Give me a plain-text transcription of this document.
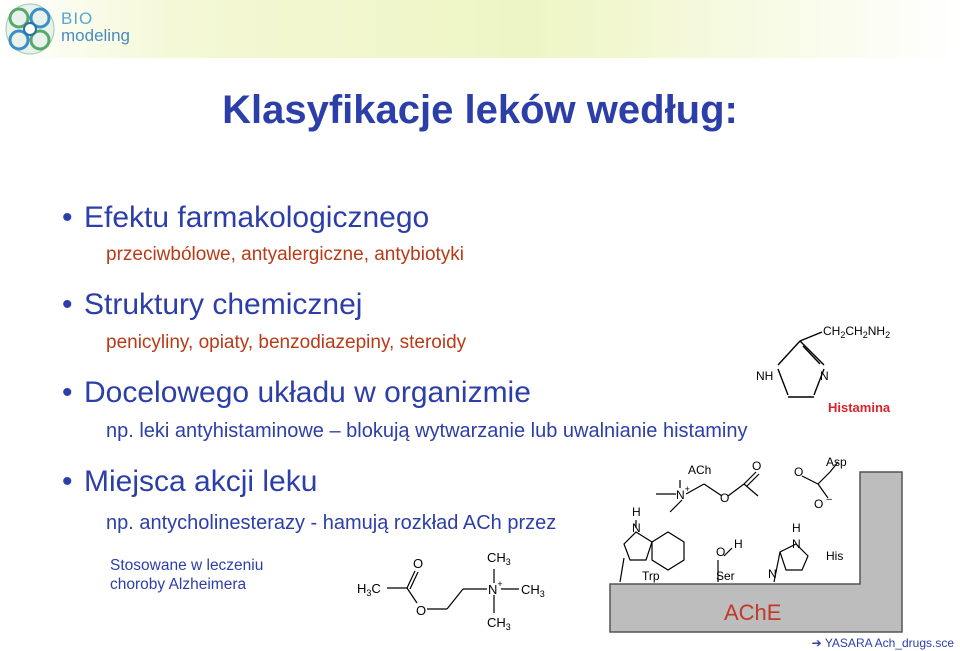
BIO
modeling
Klasyfikacje leków według:
• Efektu farmakologicznego
przeciwbólowe, antyalergiczne, antybiotyki
• Struktury chemicznej
penicyliny, opiaty, benzodiazepiny, steroidy
• Docelowego układu w organizmie
np. leki antyhistaminowe – blokują wytwarzanie lub uwalnianie histaminy
• Miejsca akcji leku
np. antycholinesterazy - hamują rozkład ACh przez
Stosowane w leczeniu
choroby Alzheimera
NH	N
$CH_2CH_2NH_2$
Histamina
$H_3C$
O
O
N+
$CH_3$
$CH_3$
$CH_3$
AChE
ACh
N+
O
O	O
O –
Asp
H
N
Trp
O
H
Ser
H
N
N
His
➔ YASARA Ach_drugs.sce
